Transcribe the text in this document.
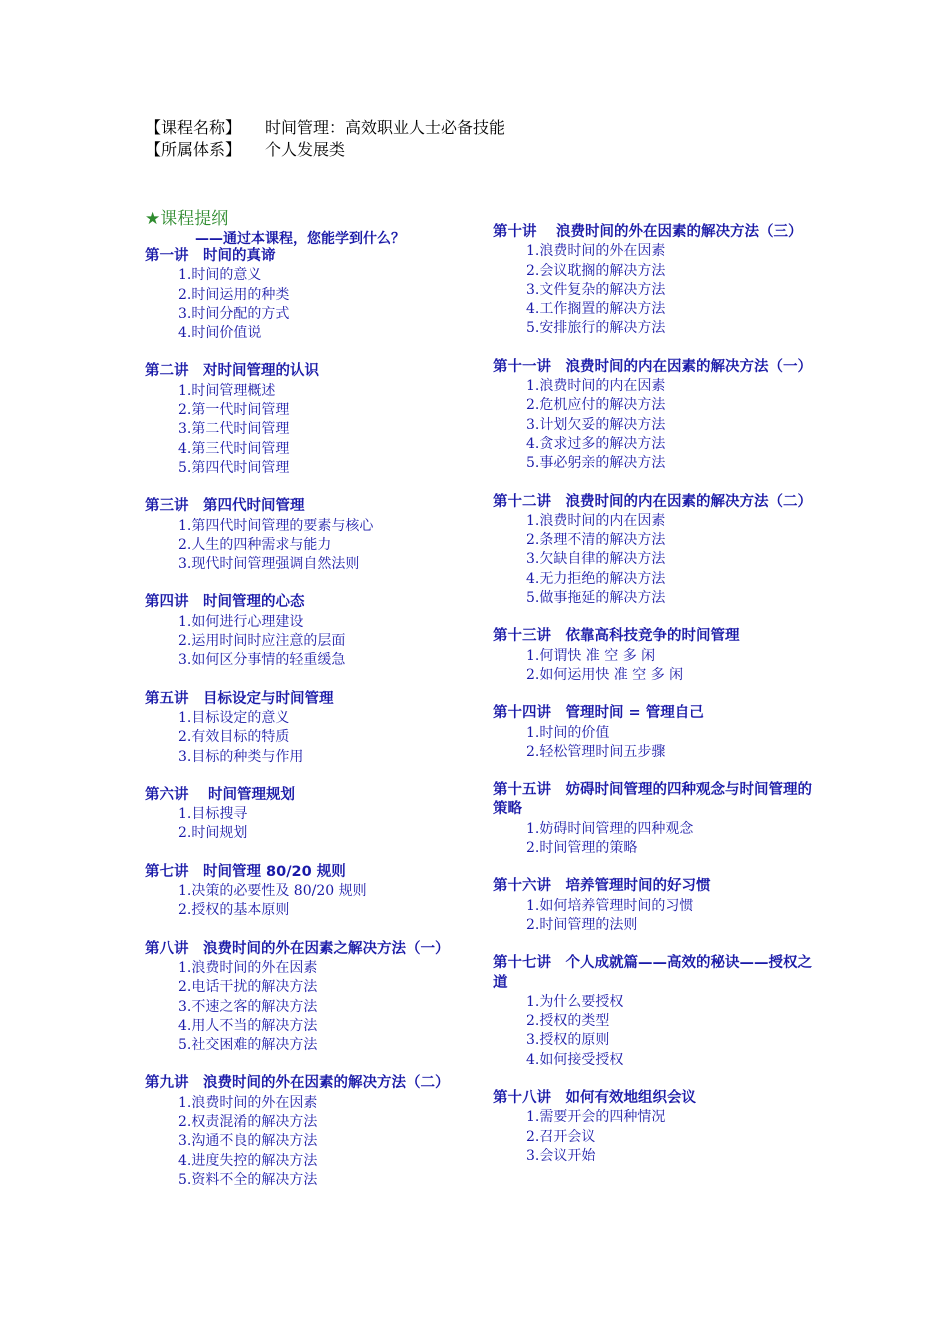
【课程名称】 时间管理：高效职业人士必备技能
【所属体系】 个人发展类
★课程提纲
——通过本课程，您能学到什么？
第一讲　时间的真谛
1.时间的意义
2.时间运用的种类
3.时间分配的方式
4.时间价值说
第二讲　对时间管理的认识
1.时间管理概述
2.第一代时间管理
3.第二代时间管理
4.第三代时间管理
5.第四代时间管理
第三讲　第四代时间管理
1.第四代时间管理的要素与核心
2.人生的四种需求与能力
3.现代时间管理强调自然法则
第四讲　时间管理的心态
1.如何进行心理建设
2.运用时间时应注意的层面
3.如何区分事情的轻重缓急
第五讲　目标设定与时间管理
1.目标设定的意义
2.有效目标的特质
3.目标的种类与作用
第六讲　 时间管理规划
1.目标搜寻
2.时间规划
第七讲　时间管理 80/20 规则
1.决策的必要性及 80/20 规则
2.授权的基本原则
第八讲　浪费时间的外在因素之解决方法（一）
1.浪费时间的外在因素
2.电话干扰的解决方法
3.不速之客的解决方法
4.用人不当的解决方法
5.社交困难的解决方法
第九讲　浪费时间的外在因素的解决方法（二）
1.浪费时间的外在因素
2.权责混淆的解决方法
3.沟通不良的解决方法
4.进度失控的解决方法
5.资料不全的解决方法
第十讲　 浪费时间的外在因素的解决方法（三）
1.浪费时间的外在因素
2.会议耽搁的解决方法
3.文件复杂的解决方法
4.工作搁置的解决方法
5.安排旅行的解决方法
第十一讲　浪费时间的内在因素的解决方法（一）
1.浪费时间的内在因素
2.危机应付的解决方法
3.计划欠妥的解决方法
4.贪求过多的解决方法
5.事必躬亲的解决方法
第十二讲　浪费时间的内在因素的解决方法（二）
1.浪费时间的内在因素
2.条理不清的解决方法
3.欠缺自律的解决方法
4.无力拒绝的解决方法
5.做事拖延的解决方法
第十三讲　依靠高科技竞争的时间管理
1.何谓快 准 空 多 闲
2.如何运用快 准 空 多 闲
第十四讲　管理时间 = 管理自己
1.时间的价值
2.轻松管理时间五步骤
第十五讲　妨碍时间管理的四种观念与时间管理的策略
1.妨碍时间管理的四种观念
2.时间管理的策略
第十六讲　培养管理时间的好习惯
1.如何培养管理时间的习惯
2.时间管理的法则
第十七讲　个人成就篇——高效的秘诀——授权之道
1.为什么要授权
2.授权的类型
3.授权的原则
4.如何接受授权
第十八讲　如何有效地组织会议
1.需要开会的四种情况
2.召开会议
3.会议开始
